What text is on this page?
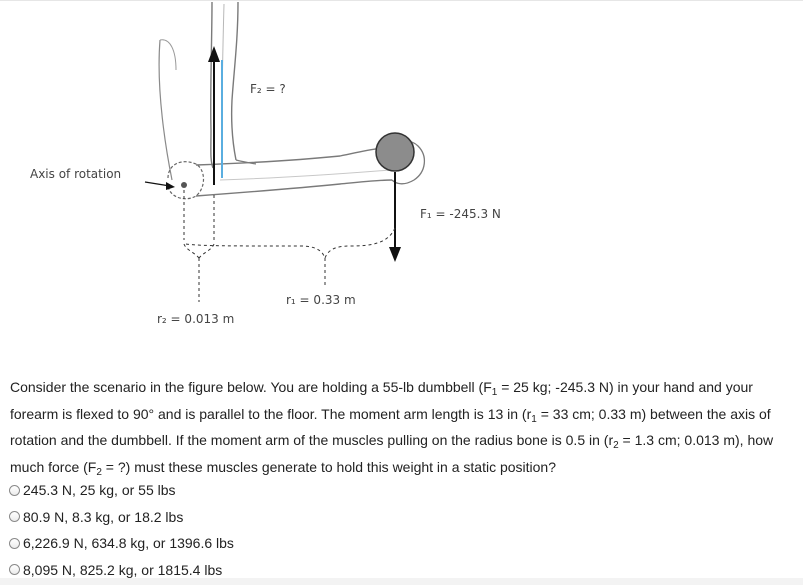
Axis of rotation
F₂ = ?
F₁ = -245.3 N
r₁ = 0.33 m
r₂ = 0.013 m

Consider the scenario in the figure below. You are holding a 55-lb dumbbell ($F_1 = 25$ kg; -245.3 N) in your hand and your forearm is flexed to 90° and is parallel to the floor. The moment arm length is 13 in ($r_1 = 33$ cm; 0.33 m) between the axis of rotation and the dumbbell. If the moment arm of the muscles pulling on the radius bone is 0.5 in ($r_2 = 1.3$ cm; 0.013 m), how much force ($F_2$ = ?) must these muscles generate to hold this weight in a static position?

245.3 N, 25 kg, or 55 lbs
80.9 N, 8.3 kg, or 18.2 lbs
6,226.9 N, 634.8 kg, or 1396.6 lbs
8,095 N, 825.2 kg, or 1815.4 lbs
